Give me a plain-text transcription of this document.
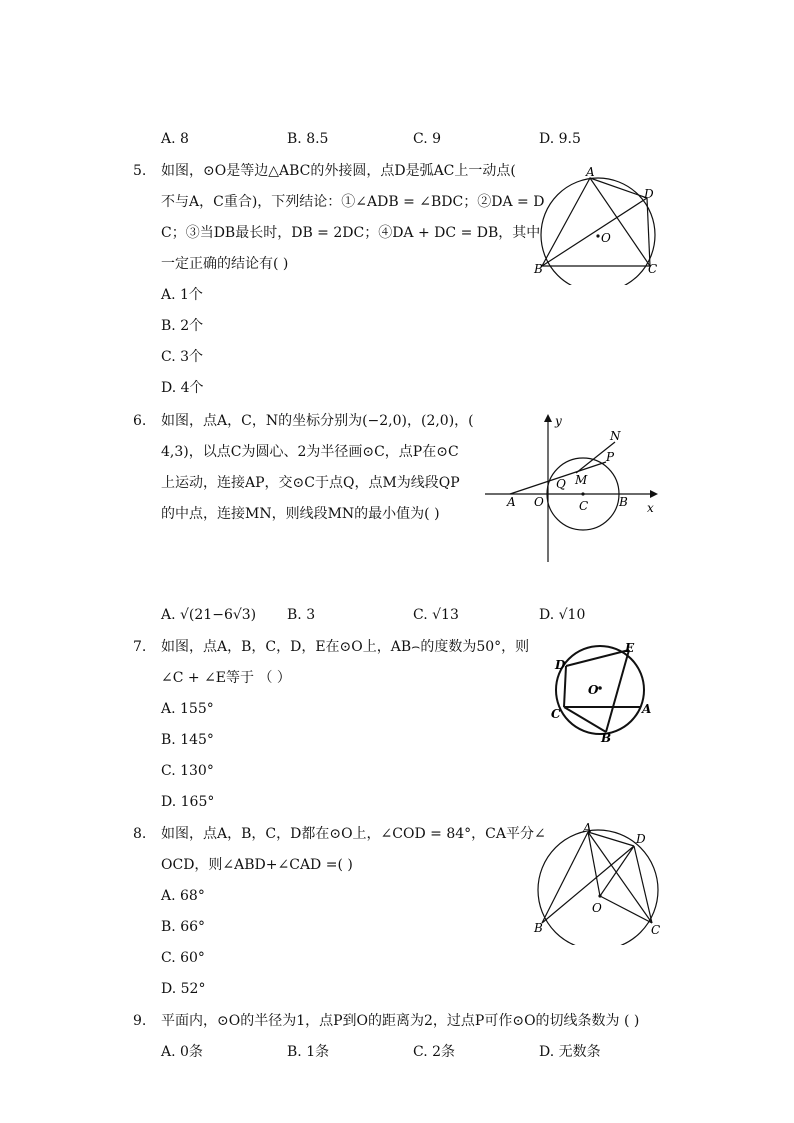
A. 8	B. 8.5	C. 9	D. 9.5
5. 如图，⊙O是等边△ABC的外接圆，点D是弧AC上一动点(
不与A，C重合)，下列结论：①∠ADB = ∠BDC；②DA = D
C；③当DB最长时，DB = 2DC；④DA + DC = DB，其中
一定正确的结论有( )
A. 1个
B. 2个
C. 3个
D. 4个
A
D
O
B	C
6. 如图，点A，C，N的坐标分别为(−2,0)，(2,0)，(
4,3)，以点C为圆心、2为半径画⊙C，点P在⊙C
上运动，连接AP，交⊙C于点Q，点M为线段QP
的中点，连接MN，则线段MN的最小值为( )
A. √(21−6√3) B. 3	C. √13	D. √10
y
N
P
Q M
A O	C	B x
7. 如图，点A，B，C，D，E在⊙O上，AB⌢的度数为50°，则
∠C + ∠E等于 （ ）
A. 155°
B. 145°
C. 130°
D. 165°
D
E
O
C	A
B
8. 如图，点A，B，C，D都在⊙O上，∠COD = 84°，CA平分∠
OCD，则∠ABD+∠CAD =( )
A. 68°
B. 66°
C. 60°
D. 52°
A
D
O
B	C
9. 平面内，⊙O的半径为1，点P到O的距离为2，过点P可作⊙O的切线条数为 ( )
A. 0条	B. 1条	C. 2条	D. 无数条
